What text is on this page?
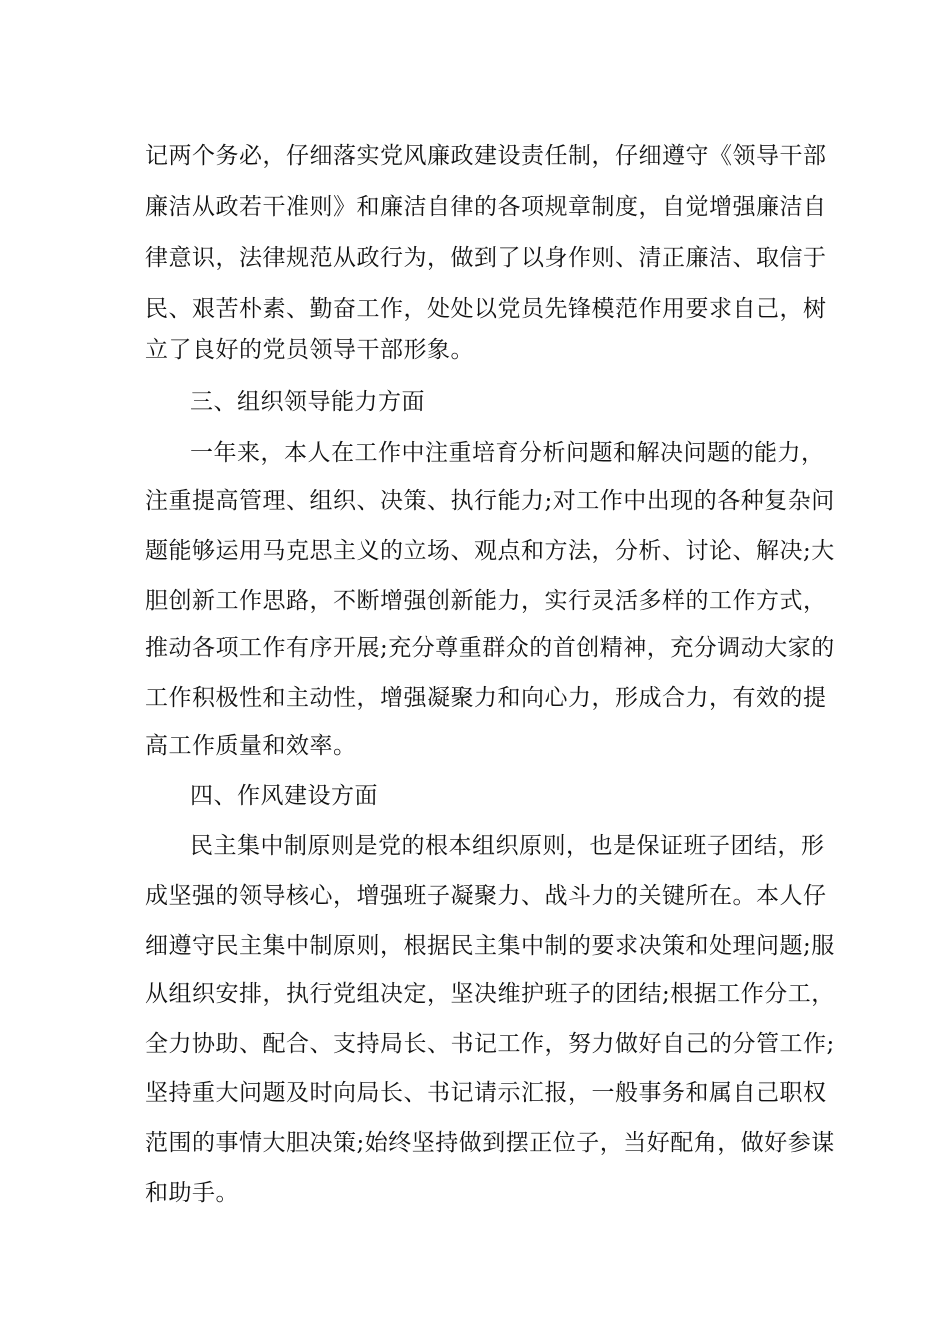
记两个务必，仔细落实党风廉政建设责任制，仔细遵守《领导干部
廉洁从政若干准则》和廉洁自律的各项规章制度，自觉增强廉洁自
律意识，法律规范从政行为，做到了以身作则、清正廉洁、取信于
民、艰苦朴素、勤奋工作，处处以党员先锋模范作用要求自己，树
立了良好的党员领导干部形象。
三、组织领导能力方面
一年来，本人在工作中注重培育分析问题和解决问题的能力，
注重提高管理、组织、决策、执行能力;对工作中出现的各种复杂问
题能够运用马克思主义的立场、观点和方法，分析、讨论、解决;大
胆创新工作思路，不断增强创新能力，实行灵活多样的工作方式，
推动各项工作有序开展;充分尊重群众的首创精神，充分调动大家的
工作积极性和主动性，增强凝聚力和向心力，形成合力，有效的提
高工作质量和效率。
四、作风建设方面
民主集中制原则是党的根本组织原则，也是保证班子团结，形
成坚强的领导核心，增强班子凝聚力、战斗力的关键所在。本人仔
细遵守民主集中制原则，根据民主集中制的要求决策和处理问题;服
从组织安排，执行党组决定，坚决维护班子的团结;根据工作分工，
全力协助、配合、支持局长、书记工作，努力做好自己的分管工作;
坚持重大问题及时向局长、书记请示汇报，一般事务和属自己职权
范围的事情大胆决策;始终坚持做到摆正位子，当好配角，做好参谋
和助手。
